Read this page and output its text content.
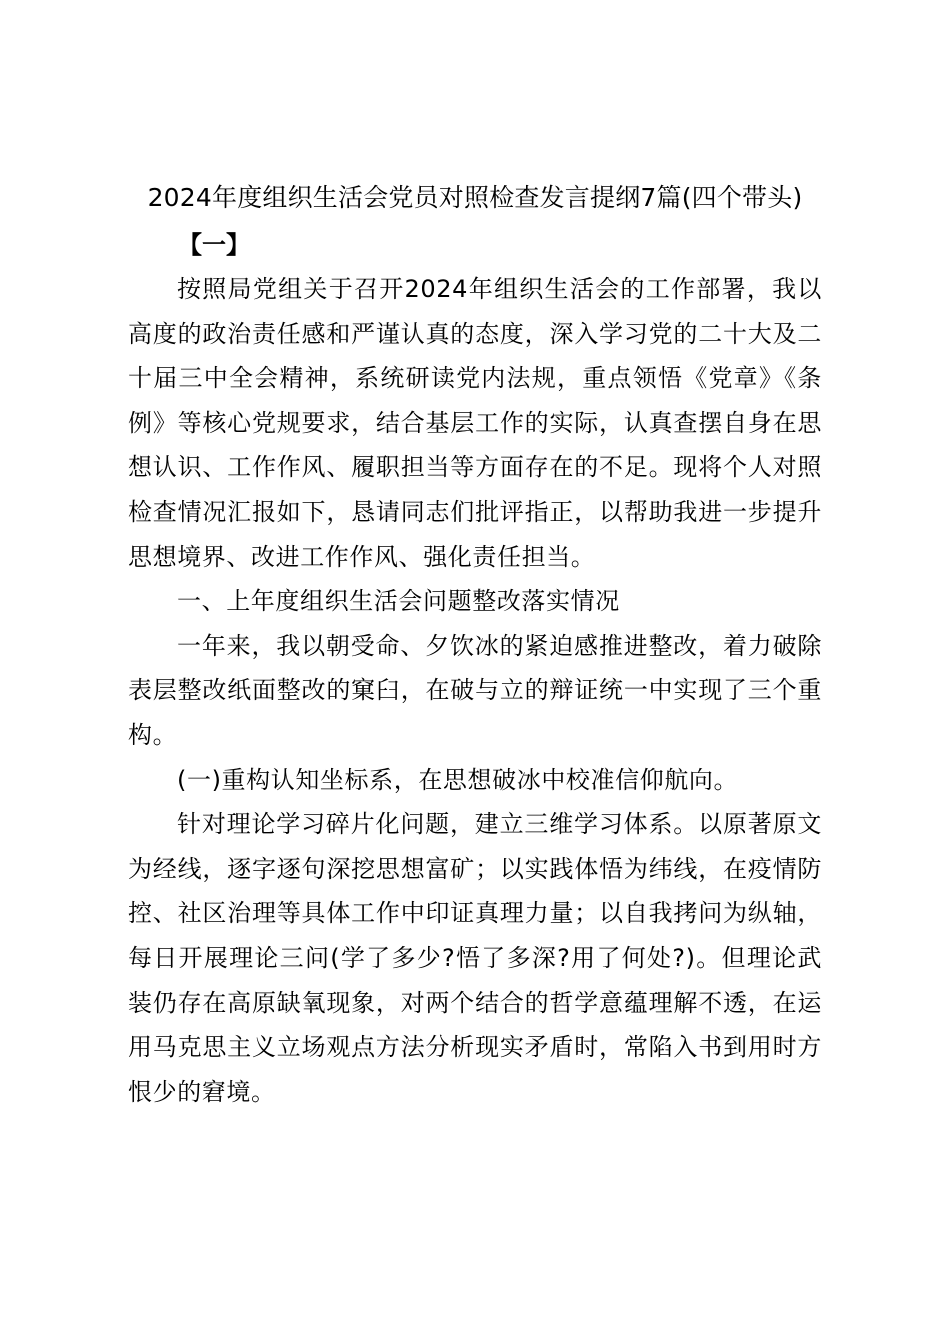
2024年度组织生活会党员对照检查发言提纲7篇(四个带头)

【一】

按照局党组关于召开2024年组织生活会的工作部署，我以高度的政治责任感和严谨认真的态度，深入学习党的二十大及二十届三中全会精神，系统研读党内法规，重点领悟《党章》《条例》等核心党规要求，结合基层工作的实际，认真查摆自身在思想认识、工作作风、履职担当等方面存在的不足。现将个人对照检查情况汇报如下，恳请同志们批评指正，以帮助我进一步提升思想境界、改进工作作风、强化责任担当。

一、上年度组织生活会问题整改落实情况

一年来，我以朝受命、夕饮冰的紧迫感推进整改，着力破除表层整改纸面整改的窠臼，在破与立的辩证统一中实现了三个重构。

(一)重构认知坐标系，在思想破冰中校准信仰航向。

针对理论学习碎片化问题，建立三维学习体系。以原著原文为经线，逐字逐句深挖思想富矿；以实践体悟为纬线，在疫情防控、社区治理等具体工作中印证真理力量；以自我拷问为纵轴，每日开展理论三问(学了多少?悟了多深?用了何处?)。但理论武装仍存在高原缺氧现象，对两个结合的哲学意蕴理解不透，在运用马克思主义立场观点方法分析现实矛盾时，常陷入书到用时方恨少的窘境。
